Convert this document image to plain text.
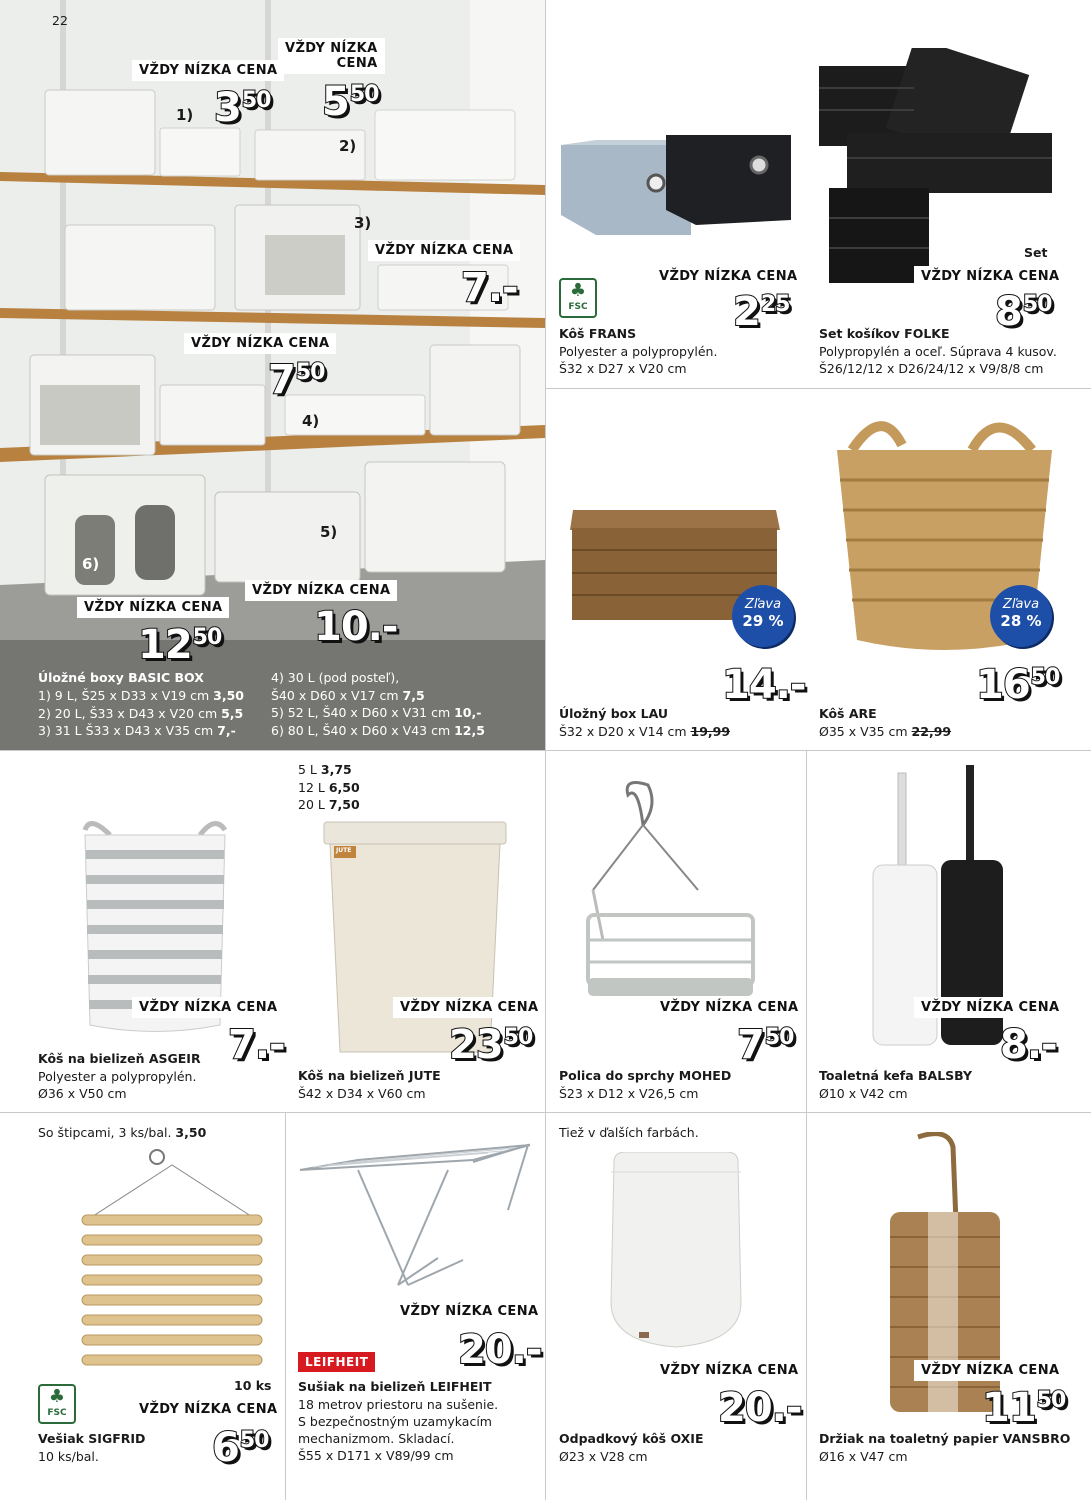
22
VŽDY NÍZKA CENA
VŽDY NÍZKA
CENA
VŽDY NÍZKA CENA
VŽDY NÍZKA CENA
VŽDY NÍZKA CENA
VŽDY NÍZKA CENA
1)
2)
3)
4)
5)
6)
$3^{50}$ $5^{50}$
7.-
$7^{50}$
10.-
$12^{50}$
Úložné boxy BASIC BOX
1) 9 L, Š25 x D33 x V19 cm 3,50
2) 20 L, Š33 x D43 x V20 cm 5,5
3) 31 L Š33 x D43 x V35 cm 7,-
4) 30 L (pod posteľ),
Š40 x D60 x V17 cm 7,5
5) 52 L, Š40 x D60 x V31 cm 10,-
6) 80 L, Š40 x D60 x V43 cm 12,5
♣
FSC
VŽDY NÍZKA CENA
$2^{25}$
Kôš FRANS
Polyester a polypropylén.
Š32 x D27 x V20 cm
Set
VŽDY NÍZKA CENA
$8^{50}$
Set košíkov FOLKE
Polypropylén a oceľ. Súprava 4 kusov.
Š26/12/12 x D26/24/12 x V9/8/8 cm
Zľava
29 %
14.-
Úložný box LAU
Š32 x D20 x V14 cm 19,99
Zľava
28 %
$16^{50}$
Kôš ARE
Ø35 x V35 cm 22,99
VŽDY NÍZKA CENA
7.-
Kôš na bielizeň ASGEIR
Polyester a polypropylén.
Ø36 x V50 cm
5 L 3,75
12 L 6,50
20 L 7,50
JUTE
VŽDY NÍZKA CENA
$23^{50}$
Kôš na bielizeň JUTE
Š42 x D34 x V60 cm
VŽDY NÍZKA CENA
$7^{50}$
Polica do sprchy MOHED
Š23 x D12 x V26,5 cm
VŽDY NÍZKA CENA
8.-
Toaletná kefa BALSBY
Ø10 x V42 cm
So štipcami, 3 ks/bal. 3,50
10 ks
♣
FSC	VŽDY NÍZKA CENA
$6^{50}$
Vešiak SIGFRID
10 ks/bal.
VŽDY NÍZKA CENA
20.-
LEIFHEIT
Sušiak na bielizeň LEIFHEIT
18 metrov priestoru na sušenie.
S bezpečnostným uzamykacím
mechanizmom. Skladací.
Š55 x D171 x V89/99 cm
Tiež v ďalších farbách.
VŽDY NÍZKA CENA
20.-
Odpadkový kôš OXIE
Ø23 x V28 cm
VŽDY NÍZKA CENA
$11^{50}$
Držiak na toaletný papier VANSBRO
Ø16 x V47 cm
